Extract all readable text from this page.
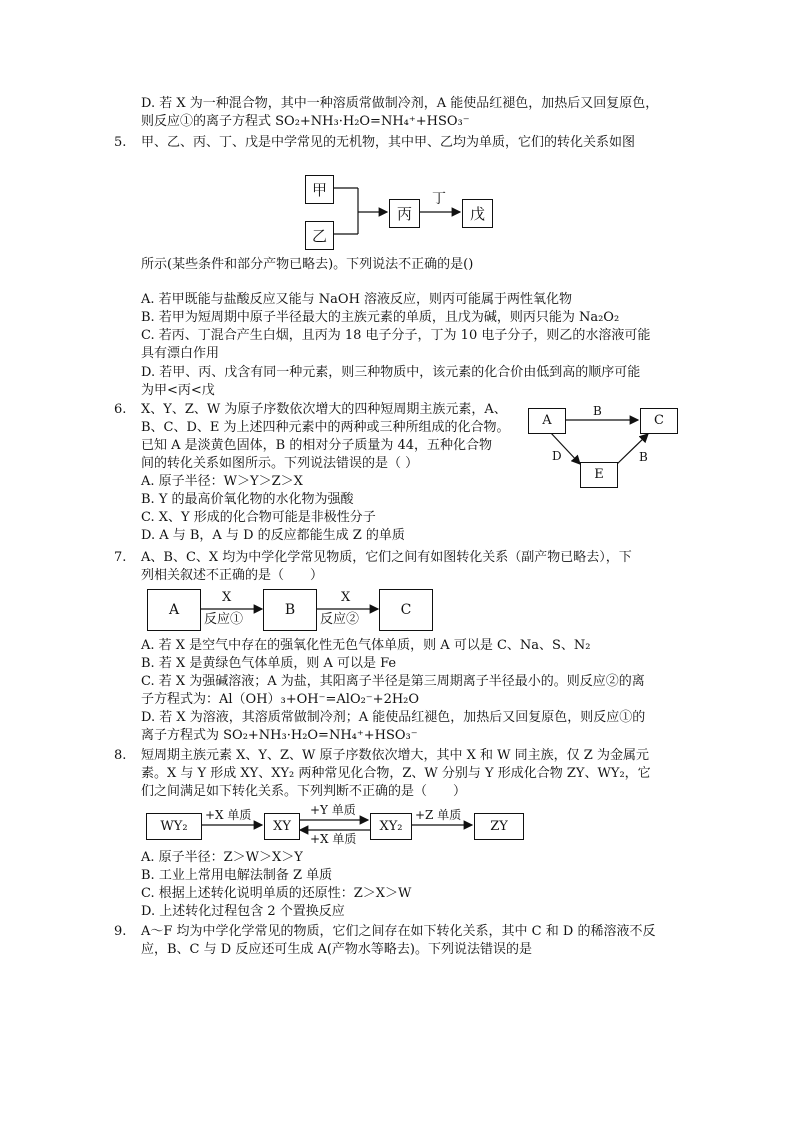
D. 若 X 为一种混合物，其中一种溶质常做制冷剂，A 能使品红褪色，加热后又回复原色，
则反应①的离子方程式 SO₂+NH₃·H₂O=NH₄⁺+HSO₃⁻
5. 甲、乙、丙、丁、戊是中学常见的无机物，其中甲、乙均为单质，它们的转化关系如图
甲
乙
丙
丁
戊
所示(某些条件和部分产物已略去)。下列说法不正确的是()
A. 若甲既能与盐酸反应又能与 NaOH 溶液反应，则丙可能属于两性氧化物
B. 若甲为短周期中原子半径最大的主族元素的单质，且戊为碱，则丙只能为 Na₂O₂
C. 若丙、丁混合产生白烟，且丙为 18 电子分子，丁为 10 电子分子，则乙的水溶液可能
具有漂白作用
D. 若甲、丙、戊含有同一种元素，则三种物质中，该元素的化合价由低到高的顺序可能
为甲<丙<戊
6. X、Y、Z、W 为原子序数依次增大的四种短周期主族元素，A、
B、C、D、E 为上述四种元素中的两种或三种所组成的化合物。
已知 A 是淡黄色固体，B 的相对分子质量为 44，五种化合物
间的转化关系如图所示。下列说法错误的是（ ）
A. 原子半径：W＞Y＞Z＞X
B. Y 的最高价氧化物的水化物为强酸
C. X、Y 形成的化合物可能是非极性分子
D. A 与 B，A 与 D 的反应都能生成 Z 的单质
A	C
E
B
D	B
7. A、B、C、X 均为中学化学常见物质，它们之间有如图转化关系（副产物已略去），下
列相关叙述不正确的是（　　）
A
X
反应①
B
X
反应②
C
A. 若 X 是空气中存在的强氧化性无色气体单质，则 A 可以是 C、Na、S、N₂
B. 若 X 是黄绿色气体单质，则 A 可以是 Fe
C. 若 X 为强碱溶液；A 为盐，其阳离子半径是第三周期离子半径最小的。则反应②的离
子方程式为：Al（OH）₃+OH⁻=AlO₂⁻+2H₂O
D. 若 X 为溶液，其溶质常做制冷剂；A 能使品红褪色，加热后又回复原色，则反应①的
离子方程式为 SO₂+NH₃·H₂O=NH₄⁺+HSO₃⁻
8. 短周期主族元素 X、Y、Z、W 原子序数依次增大，其中 X 和 W 同主族，仅 Z 为金属元
素。X 与 Y 形成 XY、XY₂ 两种常见化合物，Z、W 分别与 Y 形成化合物 ZY、WY₂，它
们之间满足如下转化关系。下列判断不正确的是（　　）
WY₂
+X 单质
XY
+Y 单质
+X 单质
XY₂
+Z 单质
ZY
A. 原子半径：Z＞W＞X＞Y
B. 工业上常用电解法制备 Z 单质
C. 根据上述转化说明单质的还原性：Z＞X＞W
D. 上述转化过程包含 2 个置换反应
9. A～F 均为中学化学常见的物质，它们之间存在如下转化关系，其中 C 和 D 的稀溶液不反
应，B、C 与 D 反应还可生成 A(产物水等略去)。下列说法错误的是
